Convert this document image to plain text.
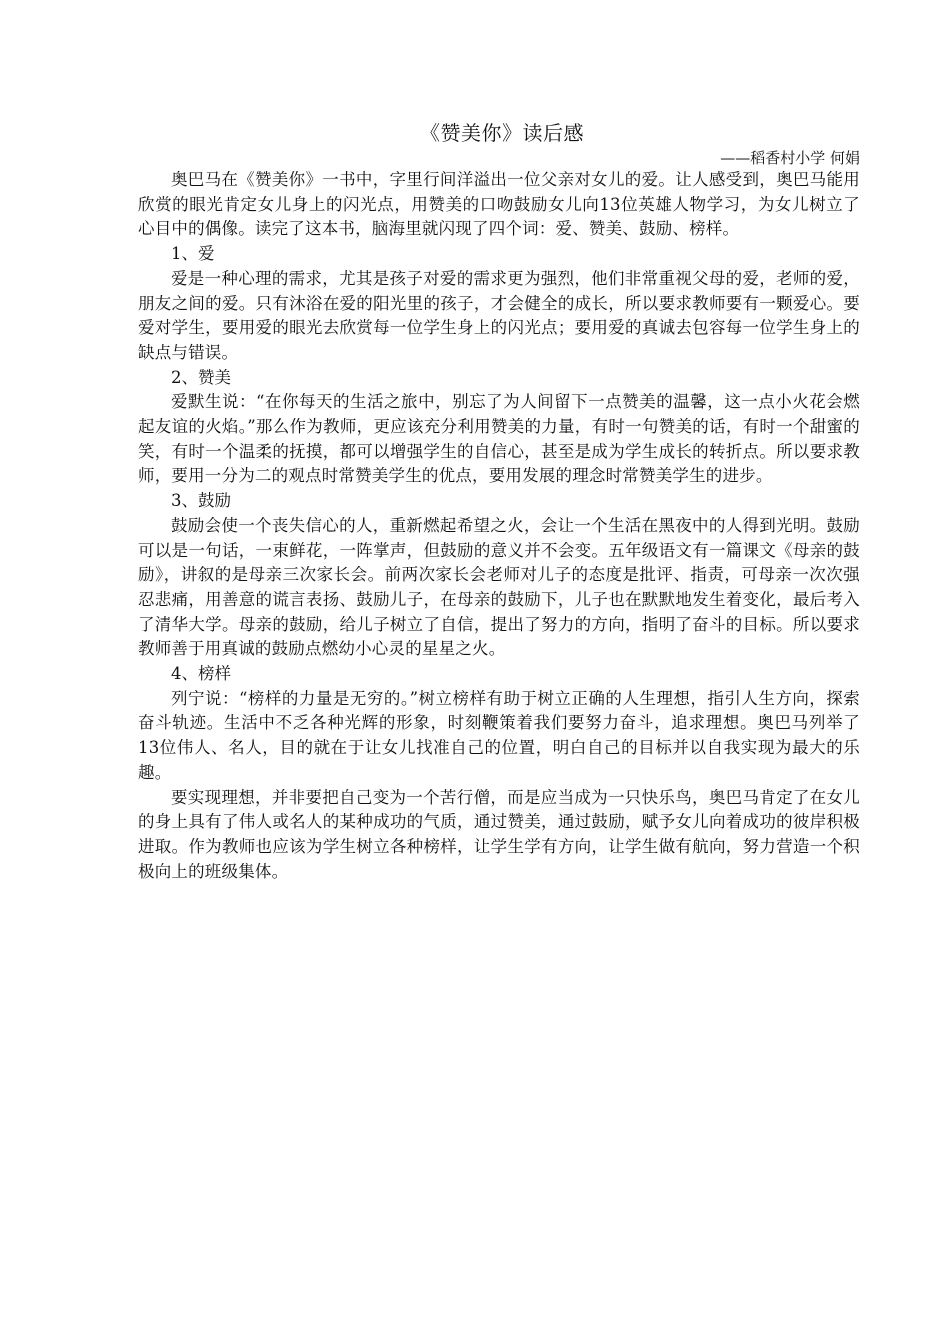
《赞美你》读后感

——稻香村小学 何娟

奥巴马在《赞美你》一书中，字里行间洋溢出一位父亲对女儿的爱。让人感受到，奥巴马能用欣赏的眼光肯定女儿身上的闪光点，用赞美的口吻鼓励女儿向13位英雄人物学习，为女儿树立了心目中的偶像。读完了这本书，脑海里就闪现了四个词：爱、赞美、鼓励、榜样。

1、爱

爱是一种心理的需求，尤其是孩子对爱的需求更为强烈，他们非常重视父母的爱，老师的爱，朋友之间的爱。只有沐浴在爱的阳光里的孩子，才会健全的成长，所以要求教师要有一颗爱心。要爱对学生，要用爱的眼光去欣赏每一位学生身上的闪光点；要用爱的真诚去包容每一位学生身上的缺点与错误。

2、赞美

爱默生说：“在你每天的生活之旅中，别忘了为人间留下一点赞美的温馨，这一点小火花会燃起友谊的火焰。”那么作为教师，更应该充分利用赞美的力量，有时一句赞美的话，有时一个甜蜜的笑，有时一个温柔的抚摸，都可以增强学生的自信心，甚至是成为学生成长的转折点。所以要求教师，要用一分为二的观点时常赞美学生的优点，要用发展的理念时常赞美学生的进步。

3、鼓励

鼓励会使一个丧失信心的人，重新燃起希望之火，会让一个生活在黑夜中的人得到光明。鼓励可以是一句话，一束鲜花，一阵掌声，但鼓励的意义并不会变。五年级语文有一篇课文《母亲的鼓励》，讲叙的是母亲三次家长会。前两次家长会老师对儿子的态度是批评、指责，可母亲一次次强忍悲痛，用善意的谎言表扬、鼓励儿子，在母亲的鼓励下，儿子也在默默地发生着变化，最后考入了清华大学。母亲的鼓励，给儿子树立了自信，提出了努力的方向，指明了奋斗的目标。所以要求教师善于用真诚的鼓励点燃幼小心灵的星星之火。

4、榜样

列宁说：“榜样的力量是无穷的。”树立榜样有助于树立正确的人生理想，指引人生方向，探索奋斗轨迹。生活中不乏各种光辉的形象，时刻鞭策着我们要努力奋斗，追求理想。奥巴马列举了13位伟人、名人，目的就在于让女儿找准自己的位置，明白自己的目标并以自我实现为最大的乐趣。

要实现理想，并非要把自己变为一个苦行僧，而是应当成为一只快乐鸟，奥巴马肯定了在女儿的身上具有了伟人或名人的某种成功的气质，通过赞美，通过鼓励，赋予女儿向着成功的彼岸积极进取。作为教师也应该为学生树立各种榜样，让学生学有方向，让学生做有航向，努力营造一个积极向上的班级集体。
